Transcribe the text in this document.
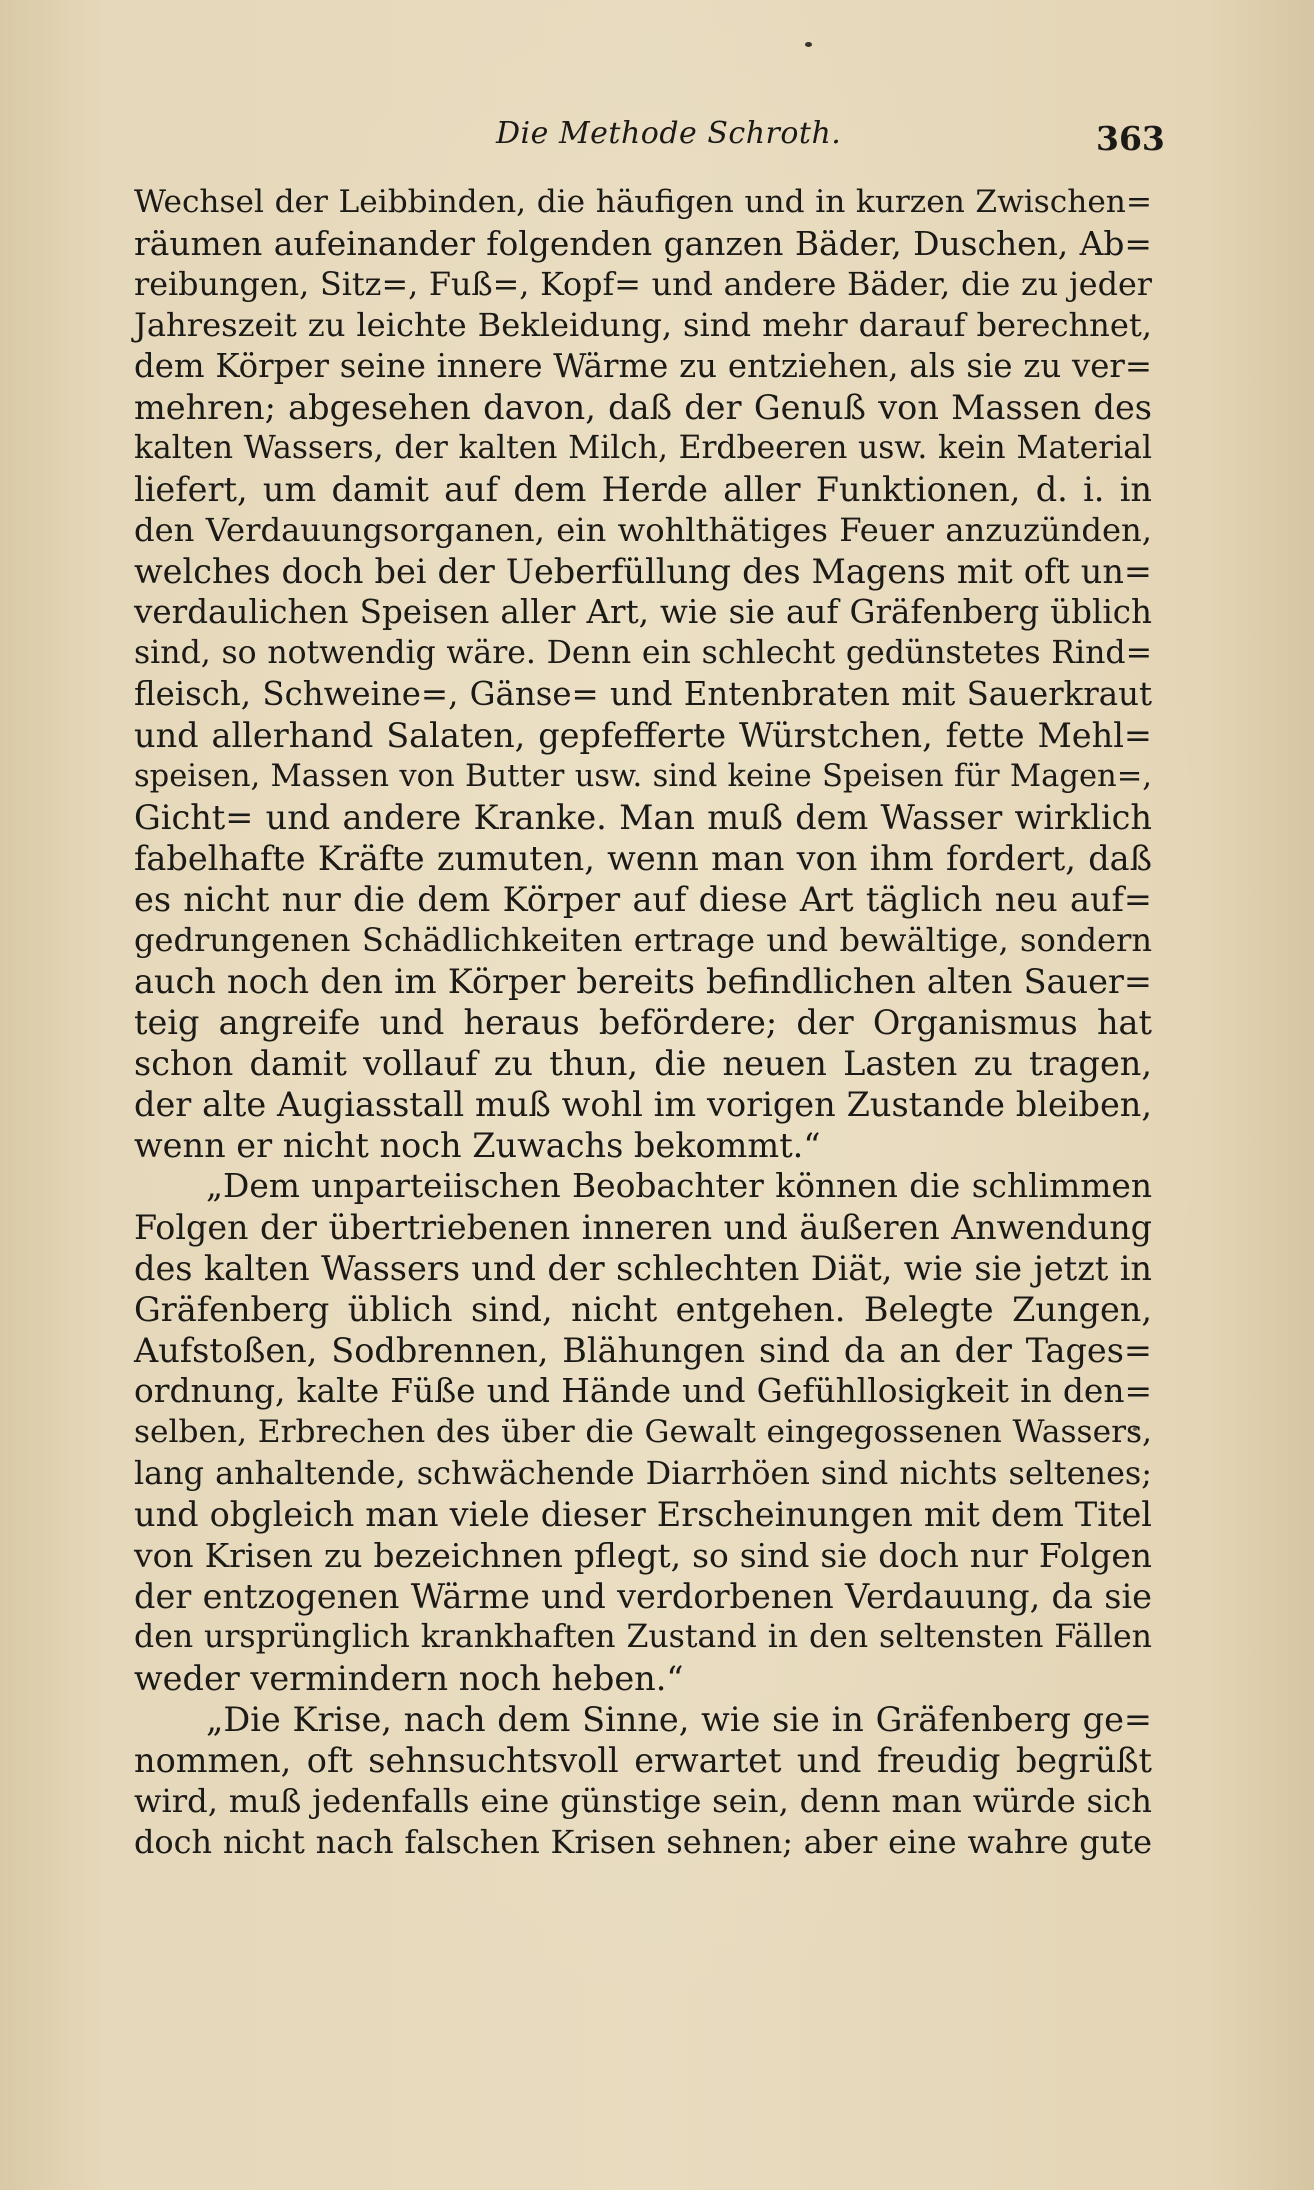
Die Methode Schroth.	363
Wechsel der Leibbinden, die häufigen und in kurzen Zwischen=
räumen aufeinander folgenden ganzen Bäder, Duschen, Ab=
reibungen, Sitz=, Fuß=, Kopf= und andere Bäder, die zu jeder
Jahreszeit zu leichte Bekleidung, sind mehr darauf berechnet,
dem Körper seine innere Wärme zu entziehen, als sie zu ver=
mehren; abgesehen davon, daß der Genuß von Massen des
kalten Wassers, der kalten Milch, Erdbeeren usw. kein Material
liefert, um damit auf dem Herde aller Funktionen, d. i. in
den Verdauungsorganen, ein wohlthätiges Feuer anzuzünden,
welches doch bei der Ueberfüllung des Magens mit oft un=
verdaulichen Speisen aller Art, wie sie auf Gräfenberg üblich
sind, so notwendig wäre. Denn ein schlecht gedünstetes Rind=
fleisch, Schweine=, Gänse= und Entenbraten mit Sauerkraut
und allerhand Salaten, gepfefferte Würstchen, fette Mehl=
speisen, Massen von Butter usw. sind keine Speisen für Magen=,
Gicht= und andere Kranke. Man muß dem Wasser wirklich
fabelhafte Kräfte zumuten, wenn man von ihm fordert, daß
es nicht nur die dem Körper auf diese Art täglich neu auf=
gedrungenen Schädlichkeiten ertrage und bewältige, sondern
auch noch den im Körper bereits befindlichen alten Sauer=
teig angreife und heraus befördere; der Organismus hat
schon damit vollauf zu thun, die neuen Lasten zu tragen,
der alte Augiasstall muß wohl im vorigen Zustande bleiben,
wenn er nicht noch Zuwachs bekommt.“
„Dem unparteiischen Beobachter können die schlimmen
Folgen der übertriebenen inneren und äußeren Anwendung
des kalten Wassers und der schlechten Diät, wie sie jetzt in
Gräfenberg üblich sind, nicht entgehen. Belegte Zungen,
Aufstoßen, Sodbrennen, Blähungen sind da an der Tages=
ordnung, kalte Füße und Hände und Gefühllosigkeit in den=
selben, Erbrechen des über die Gewalt eingegossenen Wassers,
lang anhaltende, schwächende Diarrhöen sind nichts seltenes;
und obgleich man viele dieser Erscheinungen mit dem Titel
von Krisen zu bezeichnen pflegt, so sind sie doch nur Folgen
der entzogenen Wärme und verdorbenen Verdauung, da sie
den ursprünglich krankhaften Zustand in den seltensten Fällen
weder vermindern noch heben.“
„Die Krise, nach dem Sinne, wie sie in Gräfenberg ge=
nommen, oft sehnsuchtsvoll erwartet und freudig begrüßt
wird, muß jedenfalls eine günstige sein, denn man würde sich
doch nicht nach falschen Krisen sehnen; aber eine wahre gute
